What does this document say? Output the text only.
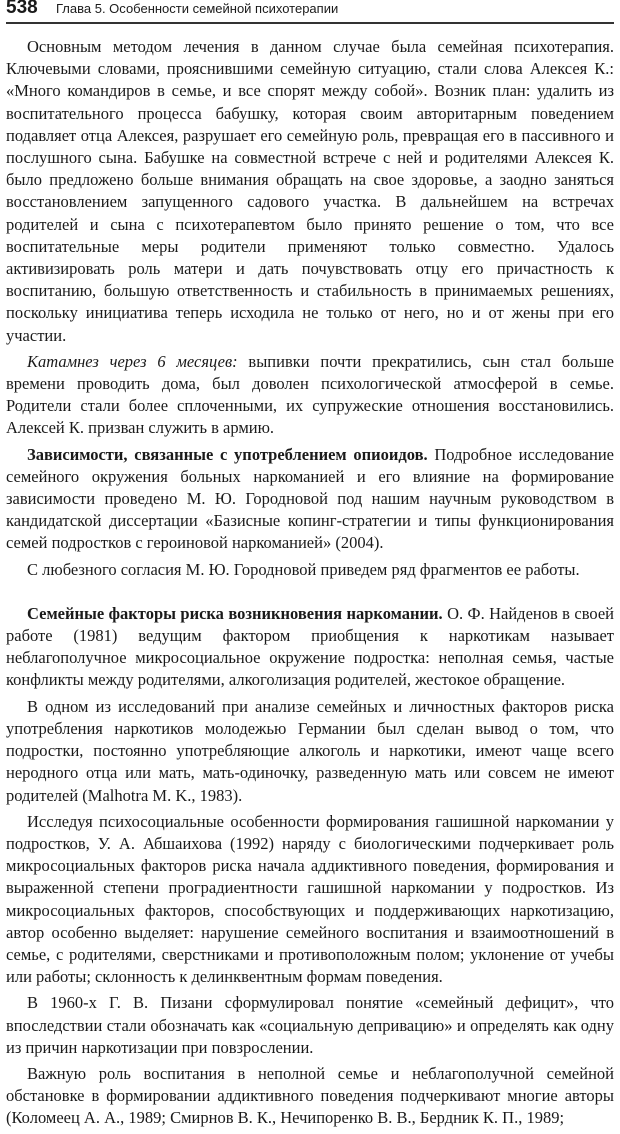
538 Глава 5. Особенности семейной психотерапии

Основным методом лечения в данном случае была семейная психотерапия. Ключевыми словами, прояснившими семейную ситуацию, стали слова Алексея К.: «Много командиров в семье, и все спорят между собой». Возник план: удалить из воспитательного процесса бабушку, которая своим авторитарным поведением подавляет отца Алексея, разрушает его семейную роль, превращая его в пассивного и послушного сына. Бабушке на совместной встрече с ней и родителями Алексея К. было предложено больше внимания обращать на свое здоровье, а заодно заняться восстановлением запущенного садового участка. В дальнейшем на встречах родителей и сына с психотерапевтом было принято решение о том, что все воспитательные меры родители применяют только совместно. Удалось активизировать роль матери и дать почувствовать отцу его причастность к воспитанию, большую ответственность и стабильность в принимаемых решениях, поскольку инициатива теперь исходила не только от него, но и от жены при его участии.

Катамнез через 6 месяцев: выпивки почти прекратились, сын стал больше времени проводить дома, был доволен психологической атмосферой в семье. Родители стали более сплоченными, их супружеские отношения восстановились. Алексей К. призван служить в армию.

Зависимости, связанные с употреблением опиоидов. Подробное исследование семейного окружения больных наркоманией и его влияние на формирование зависимости проведено М. Ю. Городновой под нашим научным руководством в кандидатской диссертации «Базисные копинг-стратегии и типы функционирования семей подростков с героиновой наркоманией» (2004).

С любезного согласия М. Ю. Городновой приведем ряд фрагментов ее работы.

Семейные факторы риска возникновения наркомании. О. Ф. Найденов в своей работе (1981) ведущим фактором приобщения к наркотикам называет неблагополучное микросоциальное окружение подростка: неполная семья, частые конфликты между родителями, алкоголизация родителей, жестокое обращение.

В одном из исследований при анализе семейных и личностных факторов риска употребления наркотиков молодежью Германии был сделан вывод о том, что подростки, постоянно употребляющие алкоголь и наркотики, имеют чаще всего неродного отца или мать, мать-одиночку, разведенную мать или совсем не имеют родителей (Malhotra M. K., 1983).

Исследуя психосоциальные особенности формирования гашишной наркомании у подростков, У. А. Абшаихова (1992) наряду с биологическими подчеркивает роль микросоциальных факторов риска начала аддиктивного поведения, формирования и выраженной степени проградиентности гашишной наркомании у подростков. Из микросоциальных факторов, способствующих и поддерживающих наркотизацию, автор особенно выделяет: нарушение семейного воспитания и взаимоотношений в семье, с родителями, сверстниками и противоположным полом; уклонение от учебы или работы; склонность к делинквентным формам поведения.

В 1960-х Г. В. Пизани сформулировал понятие «семейный дефицит», что впоследствии стали обозначать как «социальную депривацию» и определять как одну из причин наркотизации при повзрослении.

Важную роль воспитания в неполной семье и неблагополучной семейной обстановке в формировании аддиктивного поведения подчеркивают многие авторы (Коломеец А. А., 1989; Смирнов В. К., Нечипоренко В. В., Бердник К. П., 1989;
